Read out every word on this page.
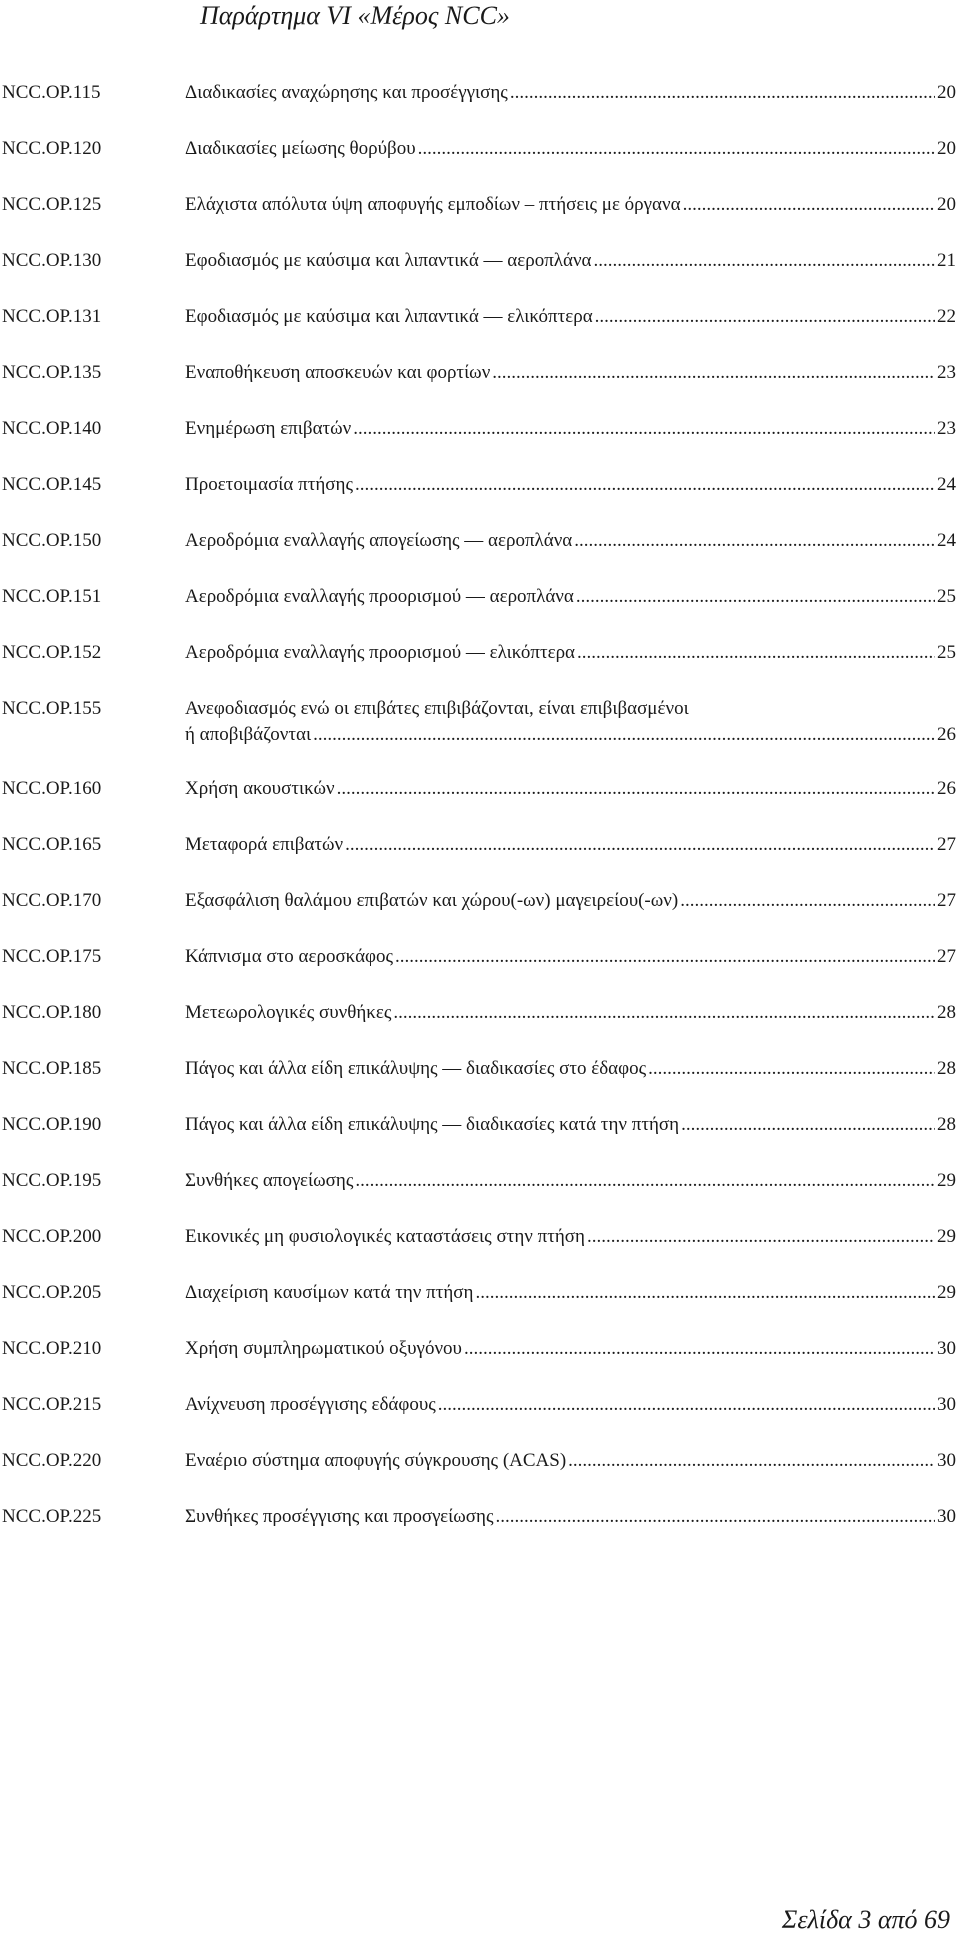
Παράρτημα VI «Μέρος NCC»
NCC.OP.115	Διαδικασίες αναχώρησης και προσέγγισης .....	20
NCC.OP.120	Διαδικασίες μείωσης θορύβου .....	20
NCC.OP.125	Ελάχιστα απόλυτα ύψη αποφυγής εμποδίων – πτήσεις με όργανα .....	20
NCC.OP.130	Εφοδιασμός με καύσιμα και λιπαντικά — αεροπλάνα .....	21
NCC.OP.131	Εφοδιασμός με καύσιμα και λιπαντικά — ελικόπτερα .....	22
NCC.OP.135	Εναποθήκευση αποσκευών και φορτίων .....	23
NCC.OP.140	Ενημέρωση επιβατών .....	23
NCC.OP.145	Προετοιμασία πτήσης .....	24
NCC.OP.150	Αεροδρόμια εναλλαγής απογείωσης — αεροπλάνα .....	24
NCC.OP.151	Αεροδρόμια εναλλαγής προορισμού — αεροπλάνα .....	25
NCC.OP.152	Αεροδρόμια εναλλαγής προορισμού — ελικόπτερα .....	25
NCC.OP.155	Ανεφοδιασμός ενώ οι επιβάτες επιβιβάζονται, είναι επιβιβασμένοι
ή αποβιβάζονται .....	26
NCC.OP.160	Χρήση ακουστικών .....	26
NCC.OP.165	Μεταφορά επιβατών .....	27
NCC.OP.170	Εξασφάλιση θαλάμου επιβατών και χώρου(-ων) μαγειρείου(-ων) .....	27
NCC.OP.175	Κάπνισμα στο αεροσκάφος .....	27
NCC.OP.180	Μετεωρολογικές συνθήκες .....	28
NCC.OP.185	Πάγος και άλλα είδη επικάλυψης — διαδικασίες στο έδαφος .....	28
NCC.OP.190	Πάγος και άλλα είδη επικάλυψης — διαδικασίες κατά την πτήση .....	28
NCC.OP.195	Συνθήκες απογείωσης .....	29
NCC.OP.200	Εικονικές μη φυσιολογικές καταστάσεις στην πτήση .....	29
NCC.OP.205	Διαχείριση καυσίμων κατά την πτήση .....	29
NCC.OP.210	Χρήση συμπληρωματικού οξυγόνου .....	30
NCC.OP.215	Ανίχνευση προσέγγισης εδάφους .....	30
NCC.OP.220	Εναέριο σύστημα αποφυγής σύγκρουσης (ACAS) .....	30
NCC.OP.225	Συνθήκες προσέγγισης και προσγείωσης .....	30
Σελίδα 3 από 69
